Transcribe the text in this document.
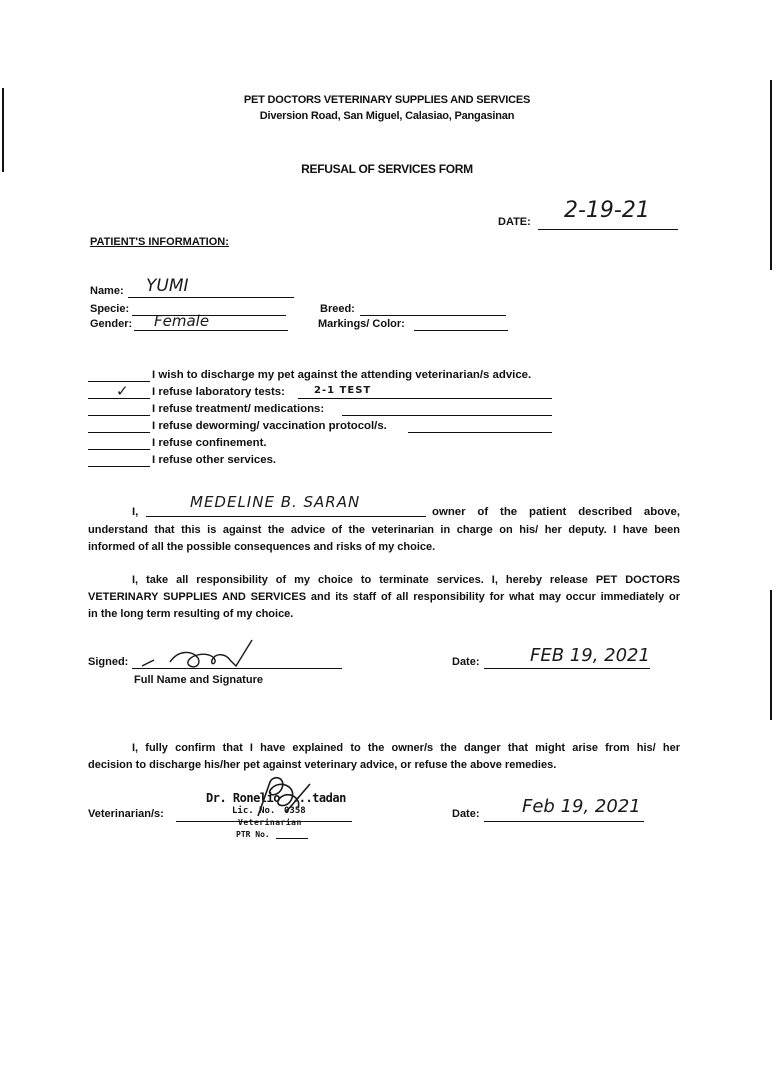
PET DOCTORS VETERINARY SUPPLIES AND SERVICES
Diversion Road, San Miguel, Calasiao, Pangasinan
REFUSAL OF SERVICES FORM
DATE: 2-19-21
PATIENT'S INFORMATION:
Name: YUMI
Specie:
Gender: Female
Breed:
Markings/ Color:
I wish to discharge my pet against the attending veterinarian/s advice.
✓ I refuse laboratory tests:	2-1 TEST
I refuse treatment/ medications:
I refuse deworming/ vaccination protocol/s.
I refuse confinement.
I refuse other services.
I,
MEDELINE B. SARAN
owner of the patient described above,
understand that this is against the advice of the veterinarian in charge on his/ her deputy. I have been
informed of all the possible consequences and risks of my choice.
I, take all responsibility of my choice to terminate services. I, hereby release PET DOCTORS
VETERINARY SUPPLIES AND SERVICES and its staff of all responsibility for what may occur immediately or
in the long term resulting of my choice.
Signed:
Full Name and Signature
Date:	FEB 19, 2021
I, fully confirm that I have explained to the owner/s the danger that might arise from his/ her
decision to discharge his/her pet against veterinary advice, or refuse the above remedies.
Veterinarian/s:
Dr. Ronelio ...tadan
Lic. No. 0358
Veterinarian
PTR No.
Date: Feb 19, 2021
